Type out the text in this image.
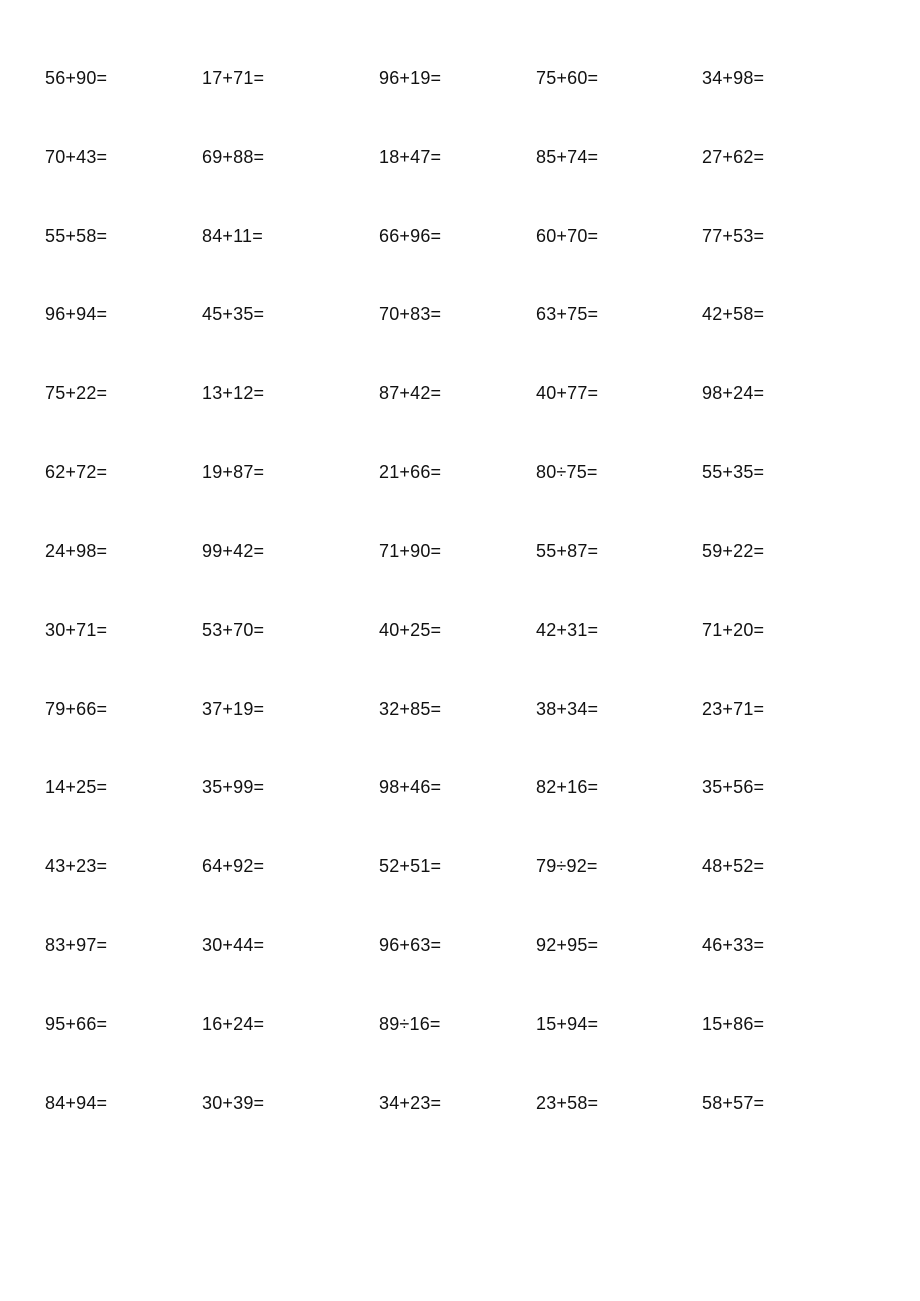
56+90=	17+71=	96+19=	75+60=	34+98=
70+43=	69+88=	18+47=	85+74=	27+62=
55+58=	84+11=	66+96=	60+70=	77+53=
96+94=	45+35=	70+83=	63+75=	42+58=
75+22=	13+12=	87+42=	40+77=	98+24=
62+72=	19+87=	21+66=	80÷75=	55+35=
24+98=	99+42=	71+90=	55+87=	59+22=
30+71=	53+70=	40+25=	42+31=	71+20=
79+66=	37+19=	32+85=	38+34=	23+71=
14+25=	35+99=	98+46=	82+16=	35+56=
43+23=	64+92=	52+51=	79÷92=	48+52=
83+97=	30+44=	96+63=	92+95=	46+33=
95+66=	16+24=	89÷16=	15+94=	15+86=
84+94=	30+39=	34+23=	23+58=	58+57=
